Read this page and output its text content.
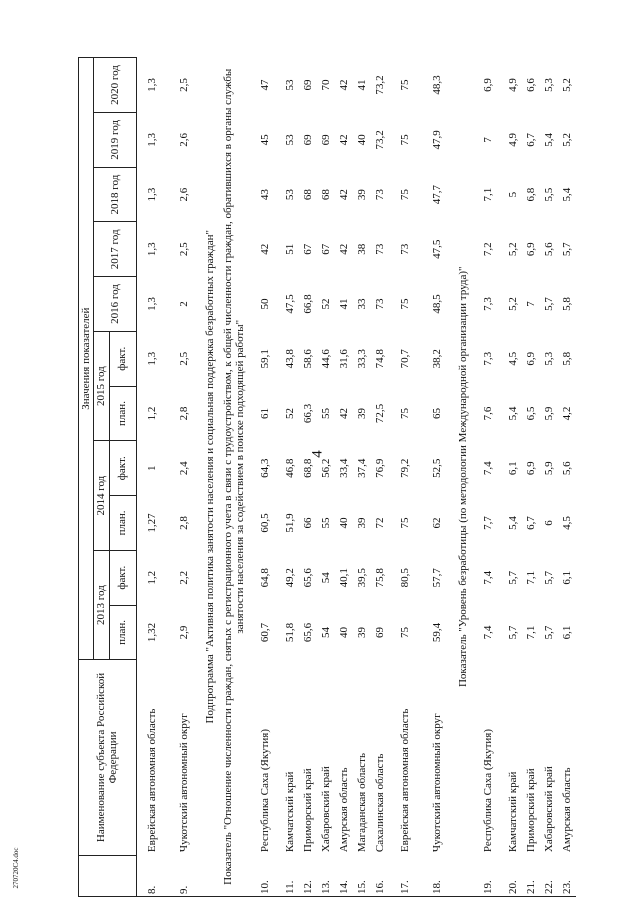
4
270720С4.doc
	Наименование субъекта Российской Федерации	Значения показателей										
		2013 год		2014 год		2015 год		2016 год	2017 год	2018 год	2019 год	2020 год
		план.	факт.	план.	факт.	план.	факт.					
8.	Еврейская автономная область	1,32	1,2	1,27	1	1,2	1,3	1,3	1,3	1,3	1,3	1,3
9.	Чукотский автономный округ	2,9	2,2	2,8	2,4	2,8	2,5	2	2,5	2,6	2,6	2,5
Подпрограмма "Активная политика занятости населения и социальная поддержка безработных граждан"												
Показатель "Отношение численности граждан, снятых с регистрационного учета в связи с трудоустройством, к общей численности граждан, обратившихся в органы службы занятости населения за содействием в поиске подходящей работы"												
10.	Республика Саха (Якутия)	60,7	64,8	60,5	64,3	61	59,1	50	42	43	45	47
11.	Камчатский край	51,8	49,2	51,9	46,8	52	43,8	47,5	51	53	53	53
12.	Приморский край	65,6	65,6	66	68,8	66,3	58,6	66,8	67	68	69	69
13.	Хабаровский край	54	54	55	56,2	55	44,6	52	67	68	69	70
14.	Амурская область	40	40,1	40	33,4	42	31,6	41	42	42	42	42
15.	Магаданская область	39	39,5	39	37,4	39	33,3	33	38	39	40	41
16.	Сахалинская область	69	75,8	72	76,9	72,5	74,8	73	73	73	73,2	73,2
17.	Еврейская автономная область	75	80,5	75	79,2	75	70,7	75	73	75	75	75
18.	Чукотский автономный округ	59,4	57,7	62	52,5	65	38,2	48,5	47,5	47,7	47,9	48,3
Показатель "Уровень безработицы (по методологии Международной организации труда)"												
19.	Республика Саха (Якутия)	7,4	7,4	7,7	7,4	7,6	7,3	7,3	7,2	7,1	7	6,9
20.	Камчатский край	5,7	5,7	5,4	6,1	5,4	4,5	5,2	5,2	5	4,9	4,9
21.	Приморский край	7,1	7,1	6,7	6,9	6,5	6,9	7	6,9	6,8	6,7	6,6
22.	Хабаровский край	5,7	5,7	6	5,9	5,9	5,3	5,7	5,6	5,5	5,4	5,3
23.	Амурская область	6,1	6,1	4,5	5,6	4,2	5,8	5,8	5,7	5,4	5,2	5,2
